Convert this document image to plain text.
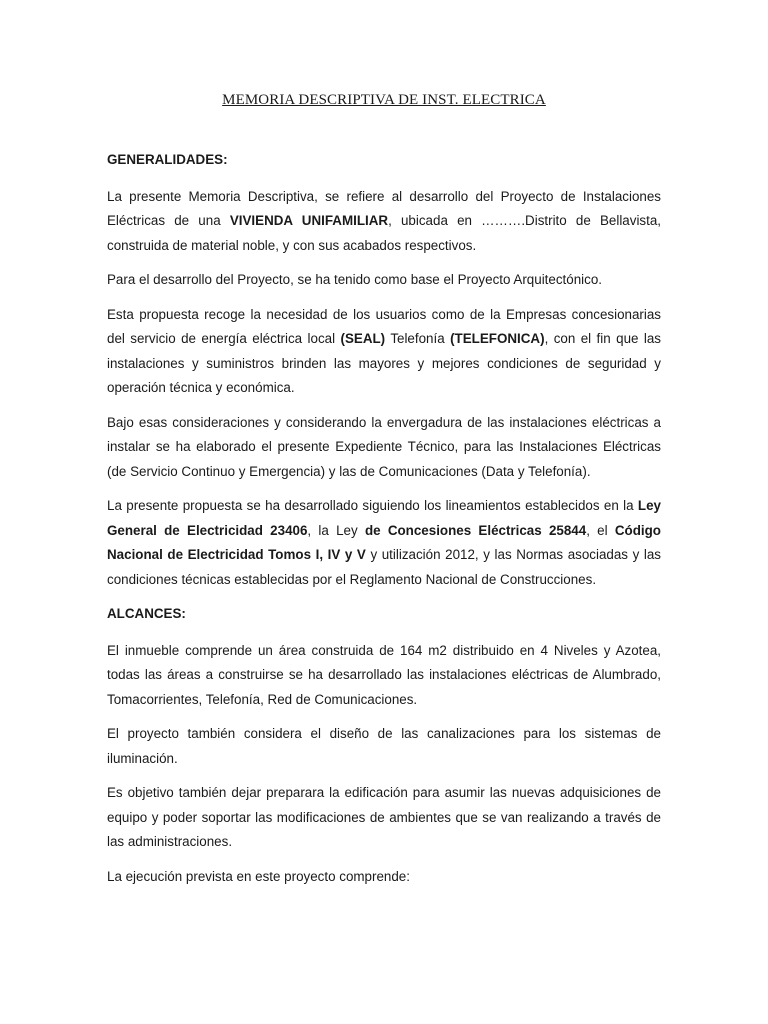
MEMORIA DESCRIPTIVA DE INST. ELECTRICA
GENERALIDADES:

La presente Memoria Descriptiva, se refiere al desarrollo del Proyecto de Instalaciones Eléctricas de una VIVIENDA UNIFAMILIAR, ubicada en ……….Distrito de Bellavista, construida de material noble, y con sus acabados respectivos.

Para el desarrollo del Proyecto, se ha tenido como base el Proyecto Arquitectónico.

Esta propuesta recoge la necesidad de los usuarios como de la Empresas concesionarias del servicio de energía eléctrica local (SEAL) Telefonía (TELEFONICA), con el fin que las instalaciones y suministros brinden las mayores y mejores condiciones de seguridad y operación técnica y económica.

Bajo esas consideraciones y considerando la envergadura de las instalaciones eléctricas a instalar se ha elaborado el presente Expediente Técnico, para las Instalaciones Eléctricas (de Servicio Continuo y Emergencia) y las de Comunicaciones (Data y Telefonía).

La presente propuesta se ha desarrollado siguiendo los lineamientos establecidos en la Ley General de Electricidad 23406, la Ley de Concesiones Eléctricas 25844, el Código Nacional de Electricidad Tomos I, IV y V y utilización 2012, y las Normas asociadas y las condiciones técnicas establecidas por el Reglamento Nacional de Construcciones.

ALCANCES:

El inmueble comprende un área construida de 164 m2 distribuido en 4 Niveles y Azotea, todas las áreas a construirse se ha desarrollado las instalaciones eléctricas de Alumbrado, Tomacorrientes, Telefonía, Red de Comunicaciones.

El proyecto también considera el diseño de las canalizaciones para los sistemas de iluminación.

Es objetivo también dejar preparara la edificación para asumir las nuevas adquisiciones de equipo y poder soportar las modificaciones de ambientes que se van realizando a través de las administraciones.

La ejecución prevista en este proyecto comprende:
